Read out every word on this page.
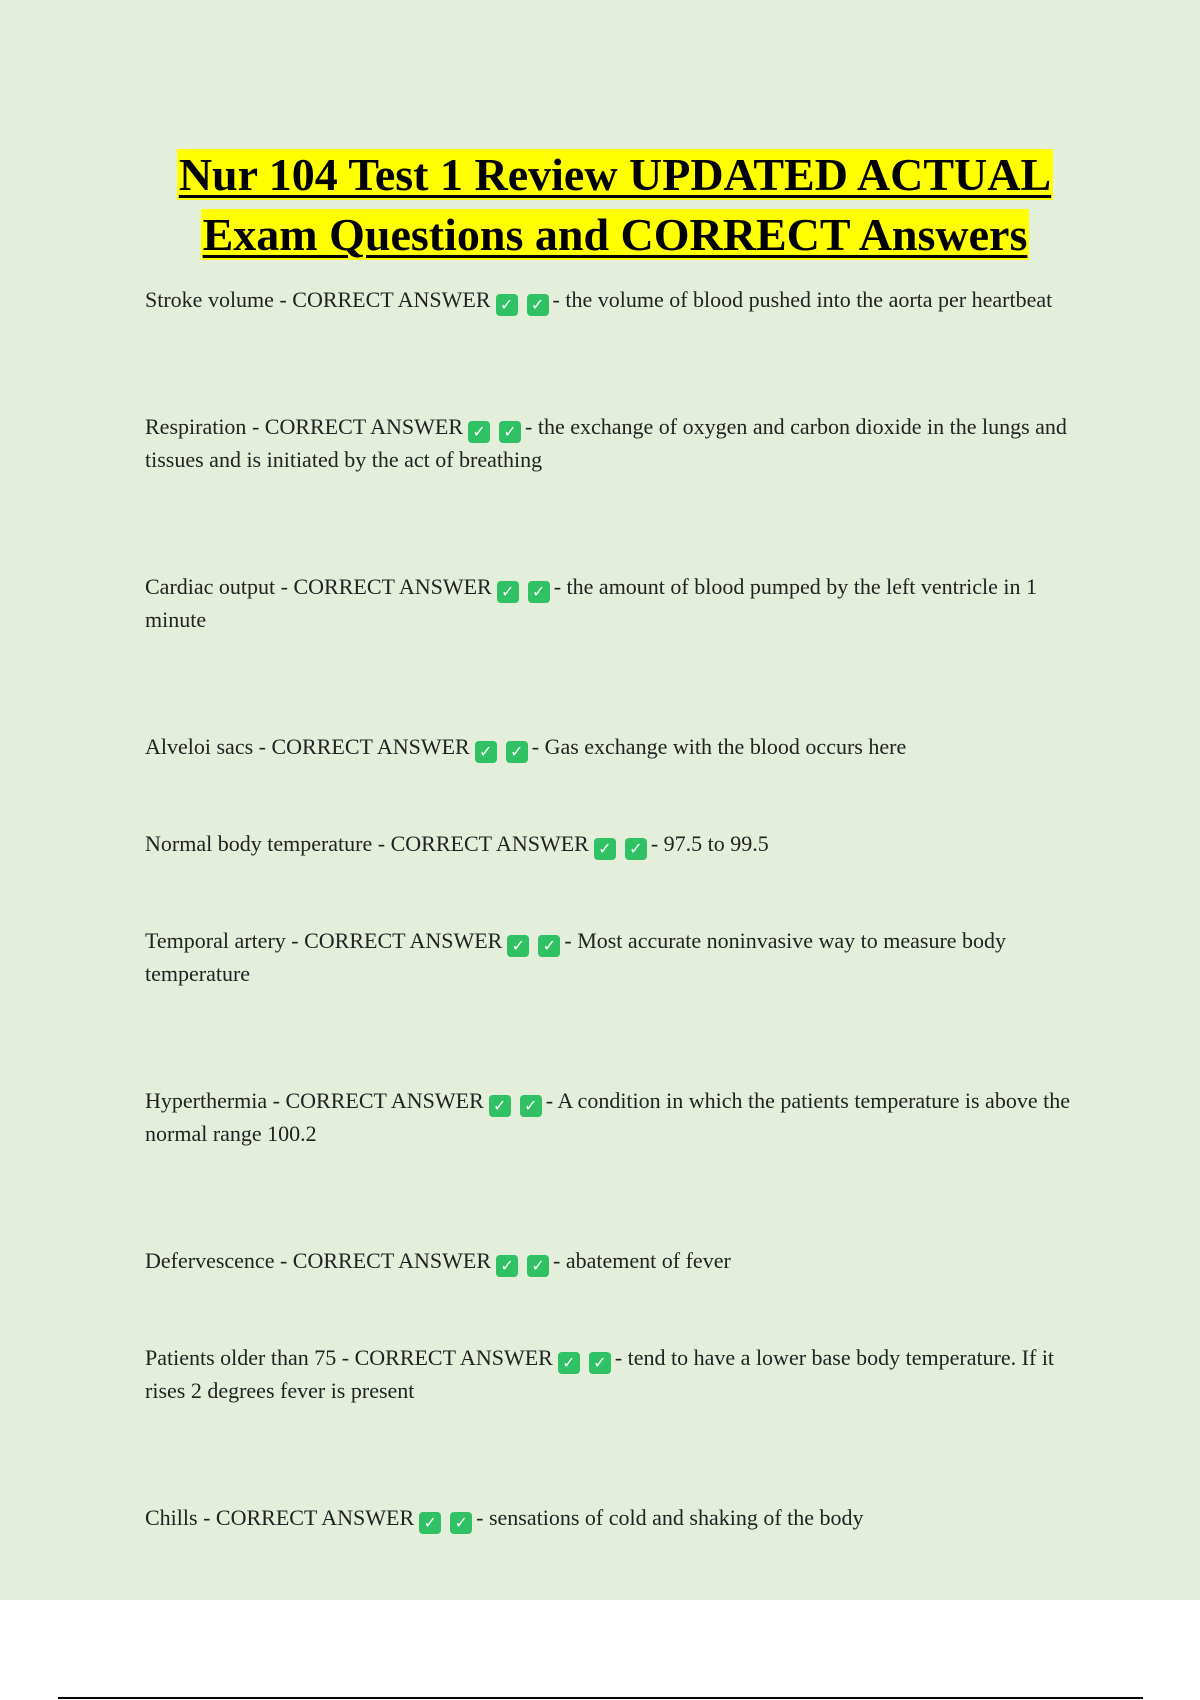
Nur 104 Test 1 Review UPDATED ACTUAL
Exam Questions and CORRECT Answers
Stroke volume - CORRECT ANSWER ✓ ✓ - the volume of blood pushed into the aorta per heartbeat
Respiration - CORRECT ANSWER ✓ ✓ - the exchange of oxygen and carbon dioxide in the lungs and tissues and is initiated by the act of breathing
Cardiac output - CORRECT ANSWER ✓ ✓ - the amount of blood pumped by the left ventricle in 1 minute
Alveloi sacs - CORRECT ANSWER ✓ ✓ - Gas exchange with the blood occurs here
Normal body temperature - CORRECT ANSWER ✓ ✓ - 97.5 to 99.5
Temporal artery - CORRECT ANSWER ✓ ✓ - Most accurate noninvasive way to measure body temperature
Hyperthermia - CORRECT ANSWER ✓ ✓ - A condition in which the patients temperature is above the normal range 100.2
Defervescence - CORRECT ANSWER ✓ ✓ - abatement of fever
Patients older than 75 - CORRECT ANSWER ✓ ✓ - tend to have a lower base body temperature. If it rises 2 degrees fever is present
Chills - CORRECT ANSWER ✓ ✓ - sensations of cold and shaking of the body
